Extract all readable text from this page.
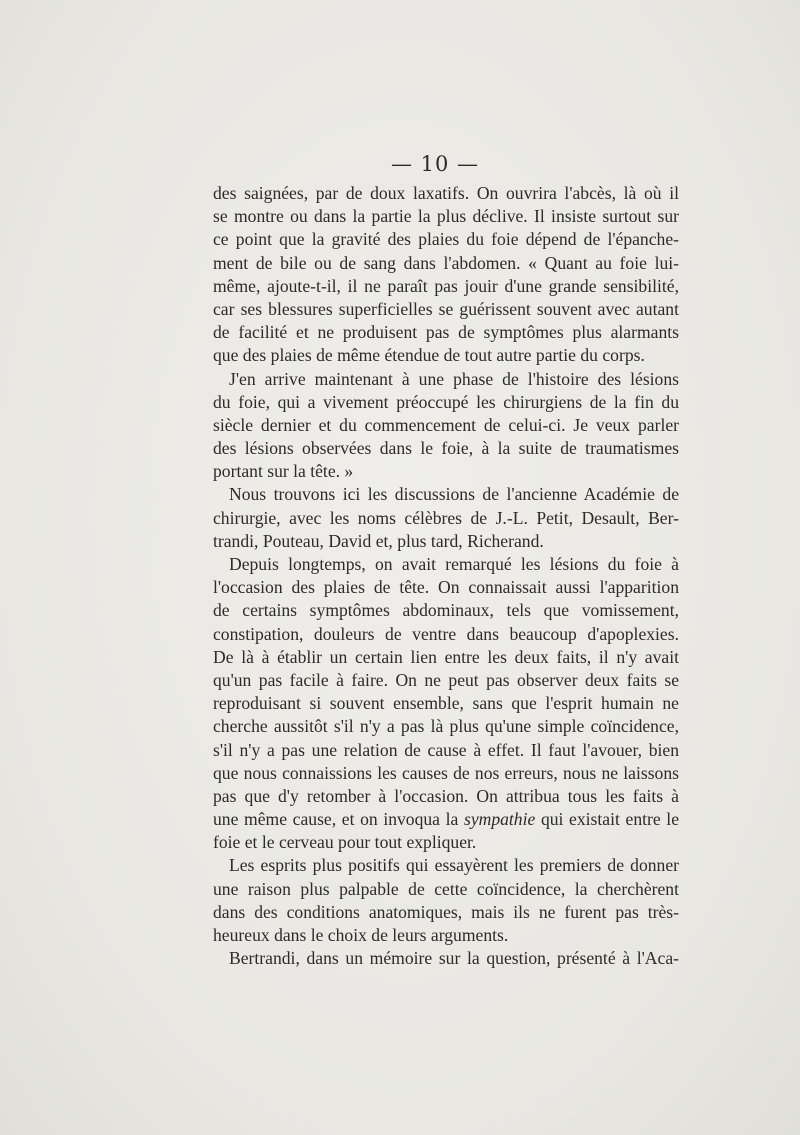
— 10 —
des saignées, par de doux laxatifs. On ouvrira l'abcès, là où il
se montre ou dans la partie la plus déclive. Il insiste surtout sur
ce point que la gravité des plaies du foie dépend de l'épanche-
ment de bile ou de sang dans l'abdomen. « Quant au foie lui-
même, ajoute-t-il, il ne paraît pas jouir d'une grande sensibilité,
car ses blessures superficielles se guérissent souvent avec autant
de facilité et ne produisent pas de symptômes plus alarmants
que des plaies de même étendue de tout autre partie du corps.
J'en arrive maintenant à une phase de l'histoire des lésions
du foie, qui a vivement préoccupé les chirurgiens de la fin du
siècle dernier et du commencement de celui-ci. Je veux parler
des lésions observées dans le foie, à la suite de traumatismes
portant sur la tête. »
Nous trouvons ici les discussions de l'ancienne Académie de
chirurgie, avec les noms célèbres de J.-L. Petit, Desault, Ber-
trandi, Pouteau, David et, plus tard, Richerand.
Depuis longtemps, on avait remarqué les lésions du foie à
l'occasion des plaies de tête. On connaissait aussi l'apparition
de certains symptômes abdominaux, tels que vomissement,
constipation, douleurs de ventre dans beaucoup d'apoplexies.
De là à établir un certain lien entre les deux faits, il n'y avait
qu'un pas facile à faire. On ne peut pas observer deux faits se
reproduisant si souvent ensemble, sans que l'esprit humain ne
cherche aussitôt s'il n'y a pas là plus qu'une simple coïncidence,
s'il n'y a pas une relation de cause à effet. Il faut l'avouer, bien
que nous connaissions les causes de nos erreurs, nous ne laissons
pas que d'y retomber à l'occasion. On attribua tous les faits à
une même cause, et on invoqua la sympathie qui existait entre le
foie et le cerveau pour tout expliquer.
Les esprits plus positifs qui essayèrent les premiers de donner
une raison plus palpable de cette coïncidence, la cherchèrent
dans des conditions anatomiques, mais ils ne furent pas très-
heureux dans le choix de leurs arguments.
Bertrandi, dans un mémoire sur la question, présenté à l'Aca-
